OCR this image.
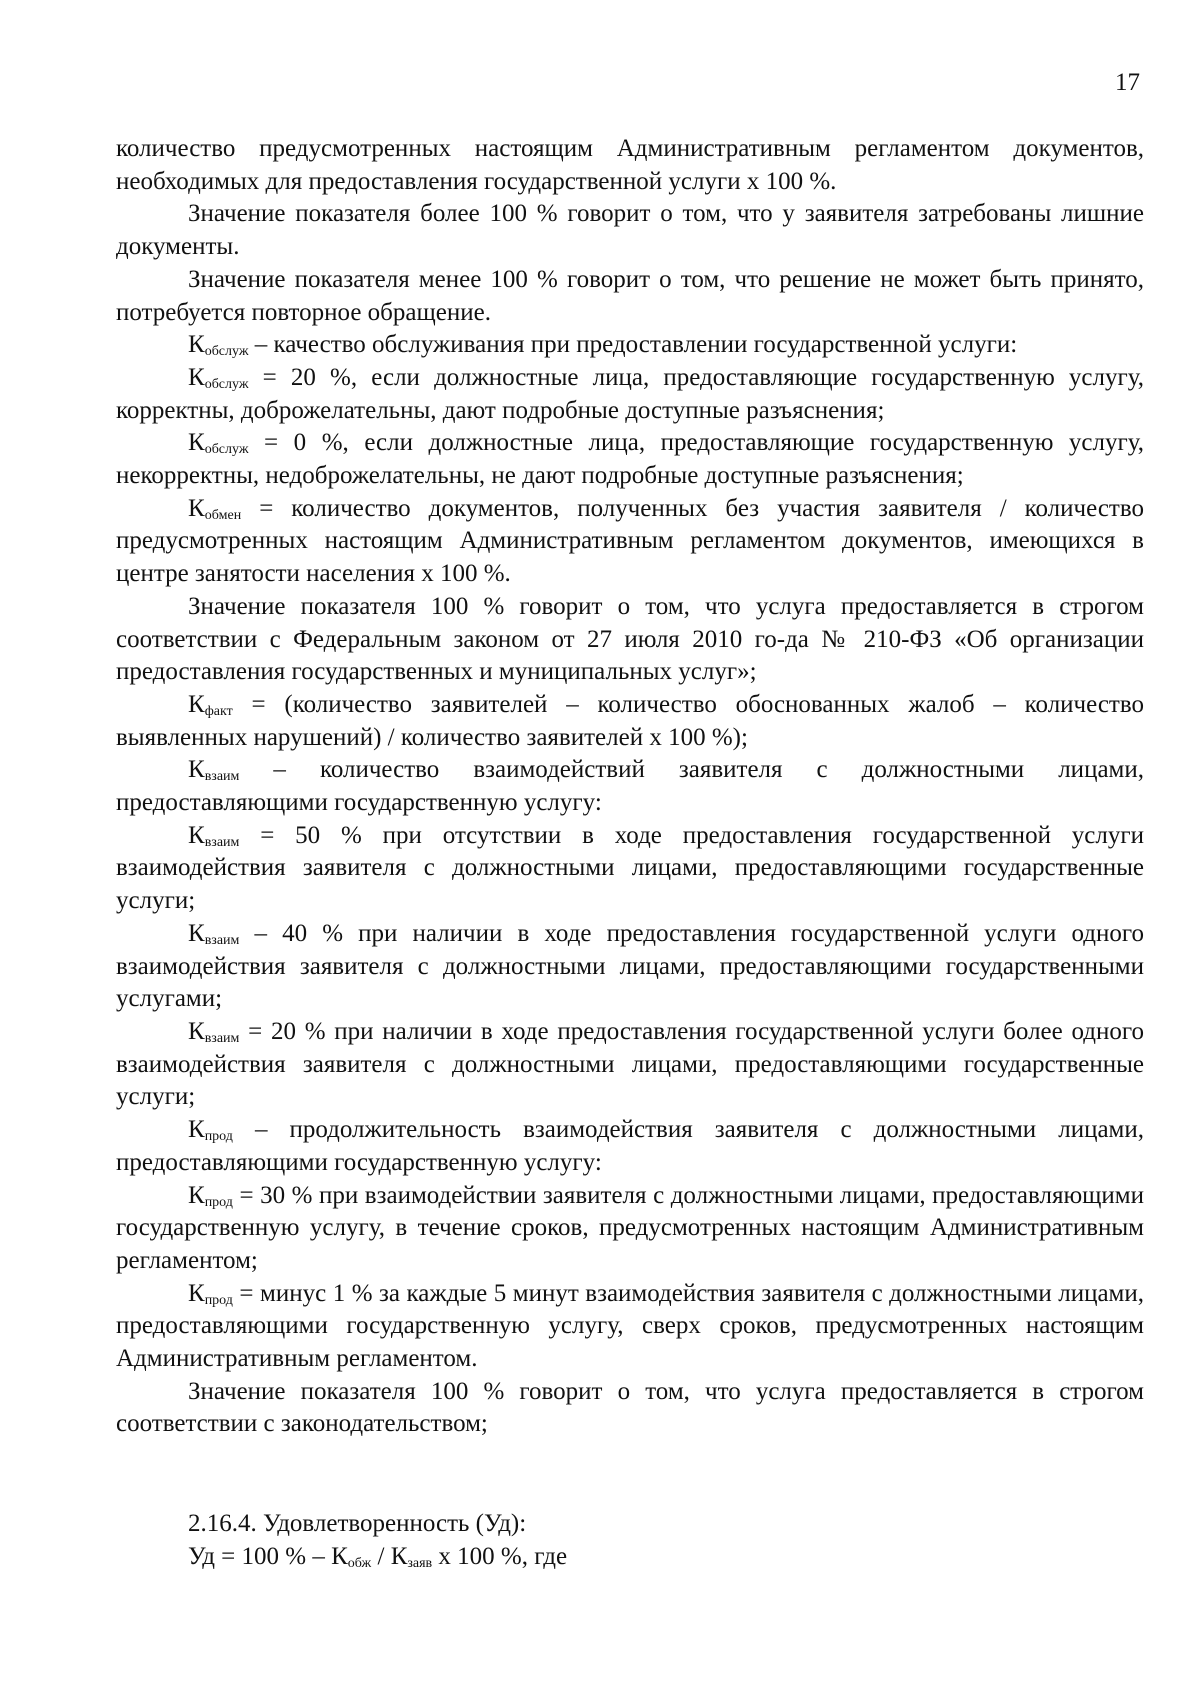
17

количество предусмотренных настоящим Административным регламентом документов, необходимых для предоставления государственной услуги х 100 %.

Значение показателя более 100 % говорит о том, что у заявителя затребованы лишние документы.

Значение показателя менее 100 % говорит о том, что решение не может быть принято, потребуется повторное обращение.

$К_{обслуж}$ – качество обслуживания при предоставлении государственной услуги:

$К_{обслуж} = 20$ %, если должностные лица, предоставляющие государственную услугу, корректны, доброжелательны, дают подробные доступные разъяснения;

$К_{обслуж} = 0$ %, если должностные лица, предоставляющие государственную услугу, некорректны, недоброжелательны, не дают подробные доступные разъяснения;

$К_{обмен}$ = количество документов, полученных без участия заявителя / количество предусмотренных настоящим Административным регламентом документов, имеющихся в центре занятости населения х 100 %.

Значение показателя 100 % говорит о том, что услуга предоставляется в строгом соответствии с Федеральным законом от 27 июля 2010 го-да № 210-ФЗ «Об организации предоставления государственных и муниципальных услуг»;

$К_{факт}$ = (количество заявителей – количество обоснованных жалоб – количество выявленных нарушений) / количество заявителей х 100 %);

$К_{взаим}$ – количество взаимодействий заявителя с должностными лицами, предоставляющими государственную услугу:

$К_{взаим} = 50$ % при отсутствии в ходе предоставления государственной услуги взаимодействия заявителя с должностными лицами, предоставляющими государственные услуги;

$К_{взаим} - 40$ % при наличии в ходе предоставления государственной услуги одного взаимодействия заявителя с должностными лицами, предоставляющими государственными услугами;

$К_{взаим} = 20$ % при наличии в ходе предоставления государственной услуги более одного взаимодействия заявителя с должностными лицами, предоставляющими государственные услуги;

$К_{прод}$ – продолжительность взаимодействия заявителя с должностными лицами, предоставляющими государственную услугу:

$К_{прод} = 30$ % при взаимодействии заявителя с должностными лицами, предоставляющими государственную услугу, в течение сроков, предусмотренных настоящим Административным регламентом;

$К_{прод}$ = минус 1 % за каждые 5 минут взаимодействия заявителя с должностными лицами, предоставляющими государственную услугу, сверх сроков, предусмотренных настоящим Административным регламентом.

Значение показателя 100 % говорит о том, что услуга предоставляется в строгом соответствии с законодательством;

2.16.4. Удовлетворенность (Уд):

Уд = 100 % – $К_{обж} / К_{заяв}$ х 100 %, где
